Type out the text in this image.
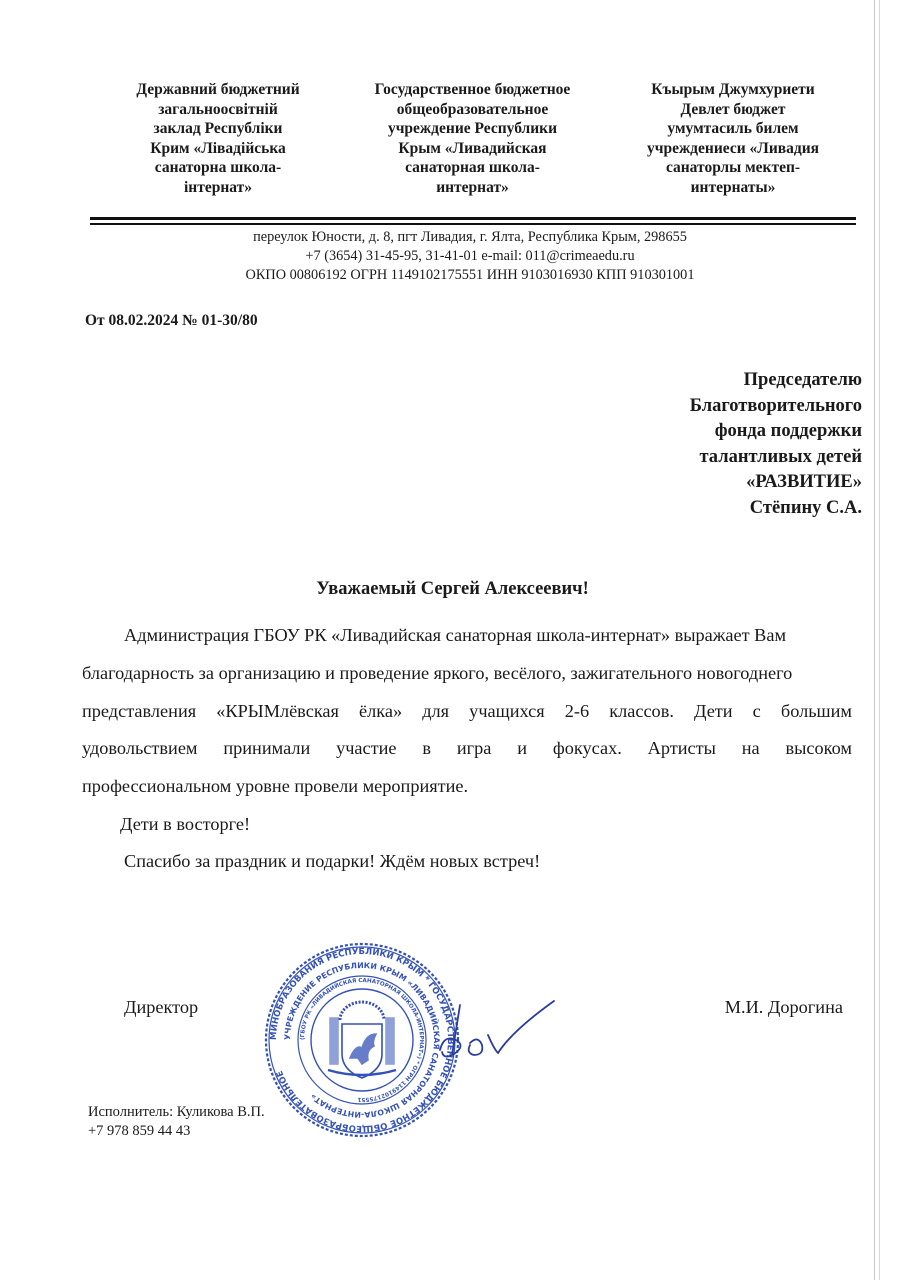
Державний бюджетний
загальноосвітній
заклад Республіки
Крим «Лівадійська
санаторна школа-
інтернат»
Государственное бюджетное
общеобразовательное
учреждение Республики
Крым «Ливадийская
санаторная школа-
интернат»
Къырым Джумхуриети
Девлет бюджет
умумтасиль билем
учреждениеси «Ливадия
санаторлы мектеп-
интернаты»
переулок Юности, д. 8, пгт Ливадия, г. Ялта, Республика Крым, 298655
+7 (3654) 31-45-95, 31-41-01 e-mail: 011@crimeaedu.ru
ОКПО 00806192 ОГРН 1149102175551 ИНН 9103016930 КПП 910301001
От 08.02.2024 № 01-30/80
Председателю
Благотворительного
фонда поддержки
талантливых детей
«РАЗВИТИЕ»
Стёпину С.А.
Уважаемый Сергей Алексеевич!
Администрация ГБОУ РК «Ливадийская санаторная школа-интернат» выражает Вам
благодарность за организацию и проведение яркого, весёлого, зажигательного новогоднего
представления «КРЫМлёвская ёлка» для учащихся 2-6 классов. Дети с большим
удовольствием принимали участие в игра и фокусах. Артисты на высоком
профессиональном уровне провели мероприятие.
Дети в восторге!
Спасибо за праздник и подарки! Ждём новых встреч!
Директор	М.И. Дорогина
МИНОБРАЗОВАНИЯ РЕСПУБЛИКИ КРЫМ * ГОСУДАРСТВЕННОЕ БЮДЖЕТНОЕ ОБЩЕОБРАЗОВАТЕЛЬНОЕ
УЧРЕЖДЕНИЕ РЕСПУБЛИКИ КРЫМ «ЛИВАДИЙСКАЯ САНАТОРНАЯ ШКОЛА-ИНТЕРНАТ»
(ГБОУ РК «ЛИВАДИЙСКАЯ САНАТОРНАЯ ШКОЛА-ИНТЕРНАТ») * ОГРН 1149102175551
Исполнитель: Куликова В.П.
+7 978 859 44 43
